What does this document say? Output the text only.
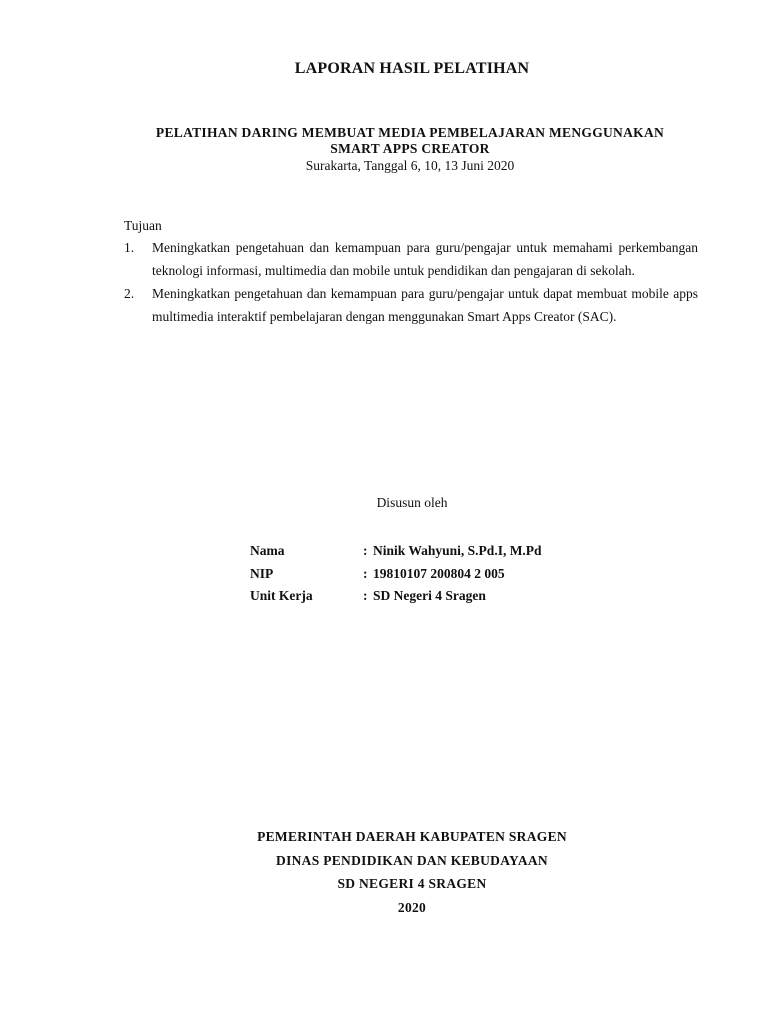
LAPORAN HASIL PELATIHAN
PELATIHAN DARING MEMBUAT MEDIA PEMBELAJARAN MENGGUNAKAN
SMART APPS CREATOR
Surakarta, Tanggal 6, 10, 13 Juni 2020
Tujuan
1. Meningkatkan pengetahuan dan kemampuan para guru/pengajar untuk memahami perkembangan teknologi informasi, multimedia dan mobile untuk pendidikan dan pengajaran di sekolah.
2. Meningkatkan pengetahuan dan kemampuan para guru/pengajar untuk dapat membuat mobile apps multimedia interaktif pembelajaran dengan menggunakan Smart Apps Creator (SAC).
Disusun oleh
Nama	: Ninik Wahyuni, S.Pd.I, M.Pd
NIP	: 19810107 200804 2 005
Unit Kerja	: SD Negeri 4 Sragen
PEMERINTAH DAERAH KABUPATEN SRAGEN
DINAS PENDIDIKAN DAN KEBUDAYAAN
SD NEGERI 4 SRAGEN
2020
